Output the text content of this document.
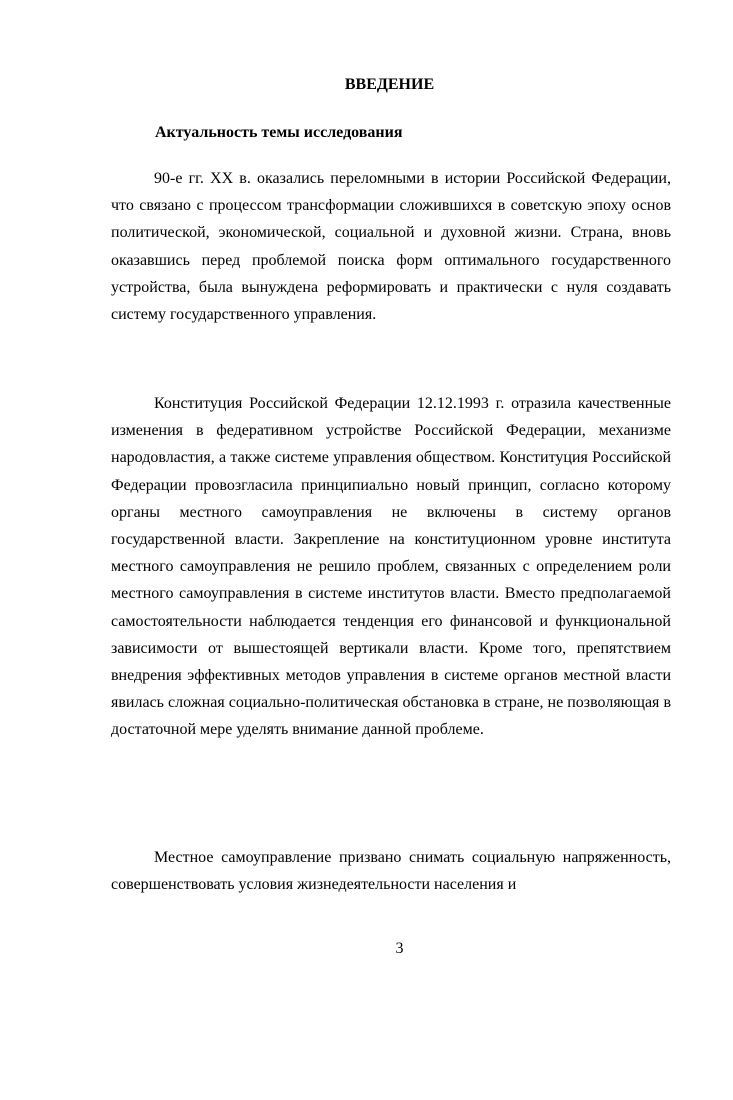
ВВЕДЕНИЕ
Актуальность темы исследования

90-е гг. XX в. оказались переломными в истории Российской Федерации, что связано с процессом трансформации сложившихся в советскую эпоху основ политической, экономической, социальной и духовной жизни. Страна, вновь оказавшись перед проблемой поиска форм оптимального государственного устройства, была вынуждена реформировать и практически с нуля создавать систему государственного управления.

Конституция Российской Федерации 12.12.1993 г. отразила качественные изменения в федеративном устройстве Российской Федерации, механизме народовластия, а также системе управления обществом. Конституция Российской Федерации провозгласила принципиально новый принцип, согласно которому органы местного самоуправления не включены в систему органов государственной власти. Закрепление на конституционном уровне института местного самоуправления не решило проблем, связанных с определением роли местного самоуправления в системе институтов власти. Вместо предполагаемой самостоятельности наблюдается тенденция его финансовой и функциональной зависимости от вышестоящей вертикали власти. Кроме того, препятствием внедрения эффективных методов управления в системе органов местной власти явилась сложная социально-политическая обстановка в стране, не позволяющая в достаточной мере уделять внимание данной проблеме.

Местное самоуправление призвано снимать социальную напряженность, совершенствовать условия жизнедеятельности населения и

3
